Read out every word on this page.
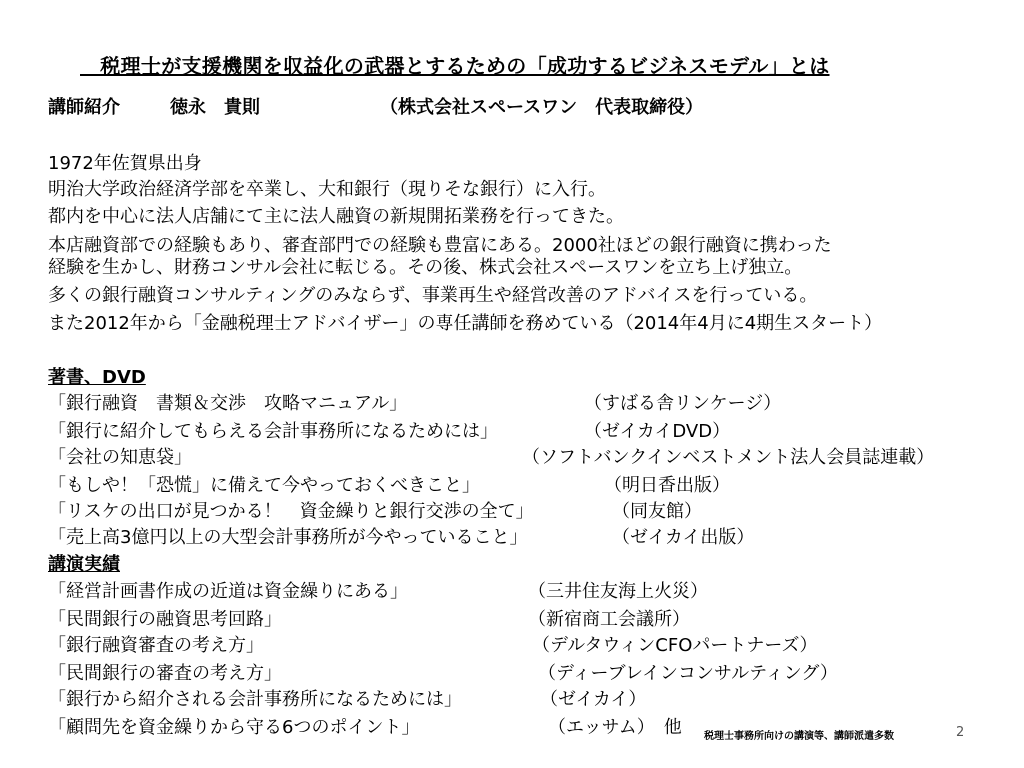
　税理士が支援機関を収益化の武器とするための「成功するビジネスモデル」とは
講師紹介	徳永　貴則	（株式会社スペースワン　代表取締役）
1972年佐賀県出身
明治大学政治経済学部を卒業し、大和銀行（現りそな銀行）に入行。
都内を中心に法人店舗にて主に法人融資の新規開拓業務を行ってきた。
本店融資部での経験もあり、審査部門での経験も豊富にある。2000社ほどの銀行融資に携わった
経験を生かし、財務コンサル会社に転じる。その後、株式会社スペースワンを立ち上げ独立。
多くの銀行融資コンサルティングのみならず、事業再生や経営改善のアドバイスを行っている。
また2012年から「金融税理士アドバイザー」の専任講師を務めている（2014年4月に4期生スタート）
著書、DVD
「銀行融資　書類＆交渉　攻略マニュアル」	（すばる舎リンケージ）
「銀行に紹介してもらえる会計事務所になるためには」	（ゼイカイDVD）
「会社の知恵袋」	（ソフトバンクインベストメント法人会員誌連載）
「もしや！「恐慌」に備えて今やっておくべきこと」	（明日香出版）
「リスケの出口が見つかる！　資金繰りと銀行交渉の全て」	（同友館）
「売上高3億円以上の大型会計事務所が今やっていること」	（ゼイカイ出版）
講演実績
「経営計画書作成の近道は資金繰りにある」	（三井住友海上火災）
「民間銀行の融資思考回路」	（新宿商工会議所）
「銀行融資審査の考え方」	（デルタウィンCFOパートナーズ）
「民間銀行の審査の考え方」	（ディーブレインコンサルティング）
「銀行から紹介される会計事務所になるためには」	（ゼイカイ）
「顧問先を資金繰りから守る6つのポイント」	（エッサム）　他 税理士事務所向けの講演等、講師派遣多数	2
